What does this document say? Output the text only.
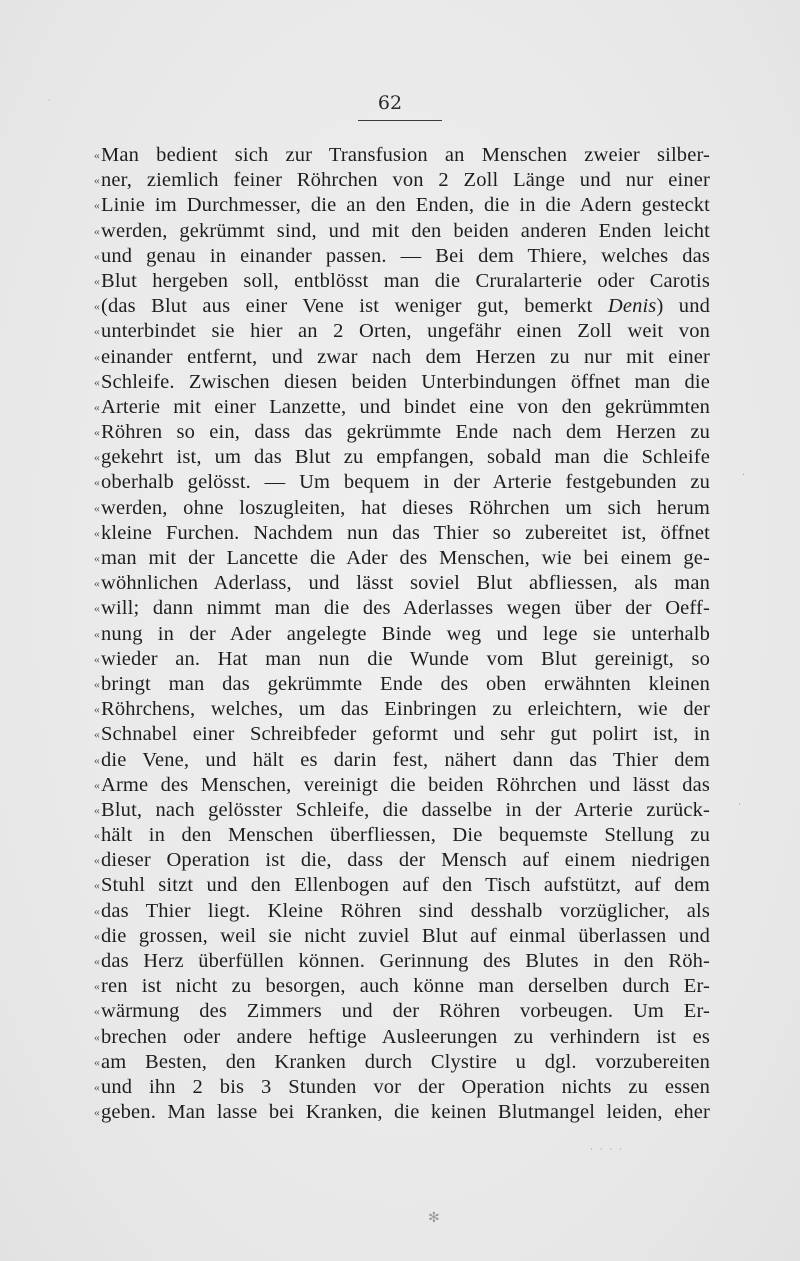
62
« Man bedient sich zur Transfusion an Menschen zweier silber-
« ner, ziemlich feiner Röhrchen von 2 Zoll Länge und nur einer
« Linie im Durchmesser, die an den Enden, die in die Adern gesteckt
« werden, gekrümmt sind, und mit den beiden anderen Enden leicht
« und genau in einander passen. — Bei dem Thiere, welches das
« Blut hergeben soll, entblösst man die Cruralarterie oder Carotis
« (das Blut aus einer Vene ist weniger gut, bemerkt Denis) und
« unterbindet sie hier an 2 Orten, ungefähr einen Zoll weit von
« einander entfernt, und zwar nach dem Herzen zu nur mit einer
« Schleife. Zwischen diesen beiden Unterbindungen öffnet man die
« Arterie mit einer Lanzette, und bindet eine von den gekrümmten
« Röhren so ein, dass das gekrümmte Ende nach dem Herzen zu
« gekehrt ist, um das Blut zu empfangen, sobald man die Schleife
« oberhalb gelösst. — Um bequem in der Arterie festgebunden zu
« werden, ohne loszugleiten, hat dieses Röhrchen um sich herum
« kleine Furchen. Nachdem nun das Thier so zubereitet ist, öffnet
« man mit der Lancette die Ader des Menschen, wie bei einem ge-
« wöhnlichen Aderlass, und lässt soviel Blut abfliessen, als man
« will; dann nimmt man die des Aderlasses wegen über der Oeff-
« nung in der Ader angelegte Binde weg und lege sie unterhalb
« wieder an. Hat man nun die Wunde vom Blut gereinigt, so
« bringt man das gekrümmte Ende des oben erwähnten kleinen
« Röhrchens, welches, um das Einbringen zu erleichtern, wie der
« Schnabel einer Schreibfeder geformt und sehr gut polirt ist, in
« die Vene, und hält es darin fest, nähert dann das Thier dem
« Arme des Menschen, vereinigt die beiden Röhrchen und lässt das
« Blut, nach gelösster Schleife, die dasselbe in der Arterie zurück-
« hält in den Menschen überfliessen, Die bequemste Stellung zu
« dieser Operation ist die, dass der Mensch auf einem niedrigen
« Stuhl sitzt und den Ellenbogen auf den Tisch aufstützt, auf dem
« das Thier liegt. Kleine Röhren sind desshalb vorzüglicher, als
« die grossen, weil sie nicht zuviel Blut auf einmal überlassen und
« das Herz überfüllen können. Gerinnung des Blutes in den Röh-
« ren ist nicht zu besorgen, auch könne man derselben durch Er-
« wärmung des Zimmers und der Röhren vorbeugen. Um Er-
« brechen oder andere heftige Ausleerungen zu verhindern ist es
« am Besten, den Kranken durch Clystire u dgl. vorzubereiten
« und ihn 2 bis 3 Stunden vor der Operation nichts zu essen
« geben. Man lasse bei Kranken, die keinen Blutmangel leiden, eher
·
·
·
· · · ·
✻
